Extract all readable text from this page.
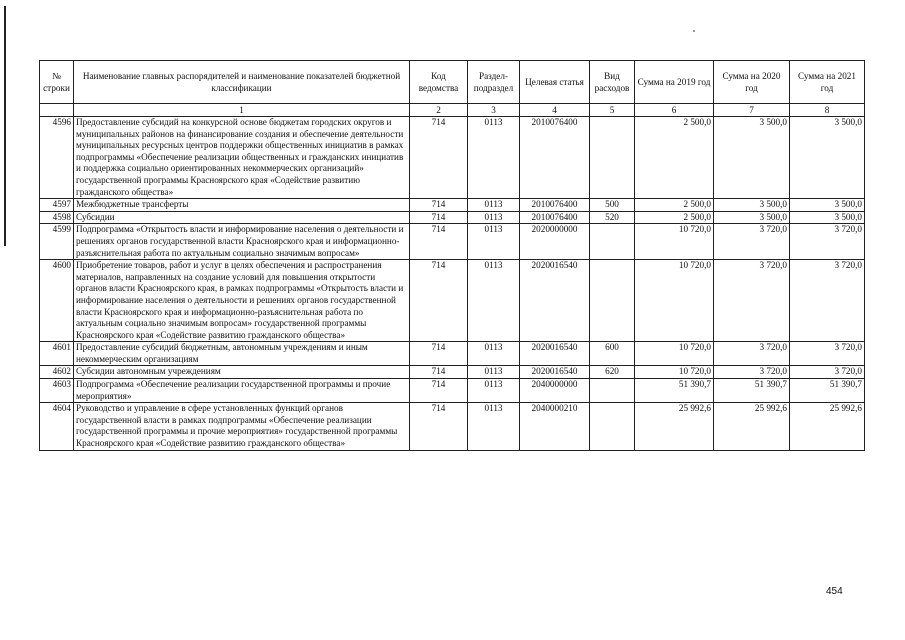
№ строки	Наименование главных распорядителей и наименование показателей бюджетной классификации	Код ведомства	Раздел-подраздел	Целевая статья	Вид расходов	Сумма на 2019 год	Сумма на 2020 год	Сумма на 2021 год
	1	2	3	4	5	6	7	8
4596	Предоставление субсидий на конкурсной основе бюджетам городских округов и муниципальных районов на финансирование создания и обеспечение деятельности муниципальных ресурсных центров поддержки общественных инициатив в рамках подпрограммы «Обеспечение реализации общественных и гражданских инициатив и поддержка социально ориентированных некоммерческих организаций» государственной программы Красноярского края «Содействие развитию гражданского общества»	714	0113	2010076400		2 500,0	3 500,0	3 500,0
4597	Межбюджетные трансферты	714	0113	2010076400	500	2 500,0	3 500,0	3 500,0
4598	Субсидии	714	0113	2010076400	520	2 500,0	3 500,0	3 500,0
4599	Подпрограмма «Открытость власти и информирование населения о деятельности и решениях органов государственной власти Красноярского края и информационно-разъяснительная работа по актуальным социально значимым вопросам»	714	0113	2020000000		10 720,0	3 720,0	3 720,0
4600	Приобретение товаров, работ и услуг в целях обеспечения и распространения материалов, направленных на создание условий для повышения открытости органов власти Красноярского края, в рамках подпрограммы «Открытость власти и информирование населения о деятельности и решениях органов государственной власти Красноярского края и информационно-разъяснительная работа по актуальным социально значимым вопросам» государственной программы Красноярского края «Содействие развитию гражданского общества»	714	0113	2020016540		10 720,0	3 720,0	3 720,0
4601	Предоставление субсидий бюджетным, автономным учреждениям и иным некоммерческим организациям	714	0113	2020016540	600	10 720,0	3 720,0	3 720,0
4602	Субсидии автономным учреждениям	714	0113	2020016540	620	10 720,0	3 720,0	3 720,0
4603	Подпрограмма «Обеспечение реализации государственной программы и прочие мероприятия»	714	0113	2040000000		51 390,7	51 390,7	51 390,7
4604	Руководство и управление в сфере установленных функций органов государственной власти в рамках подпрограммы «Обеспечение реализации государственной программы и прочие мероприятия» государственной программы Красноярского края «Содействие развитию гражданского общества»	714	0113	2040000210		25 992,6	25 992,6	25 992,6
454
